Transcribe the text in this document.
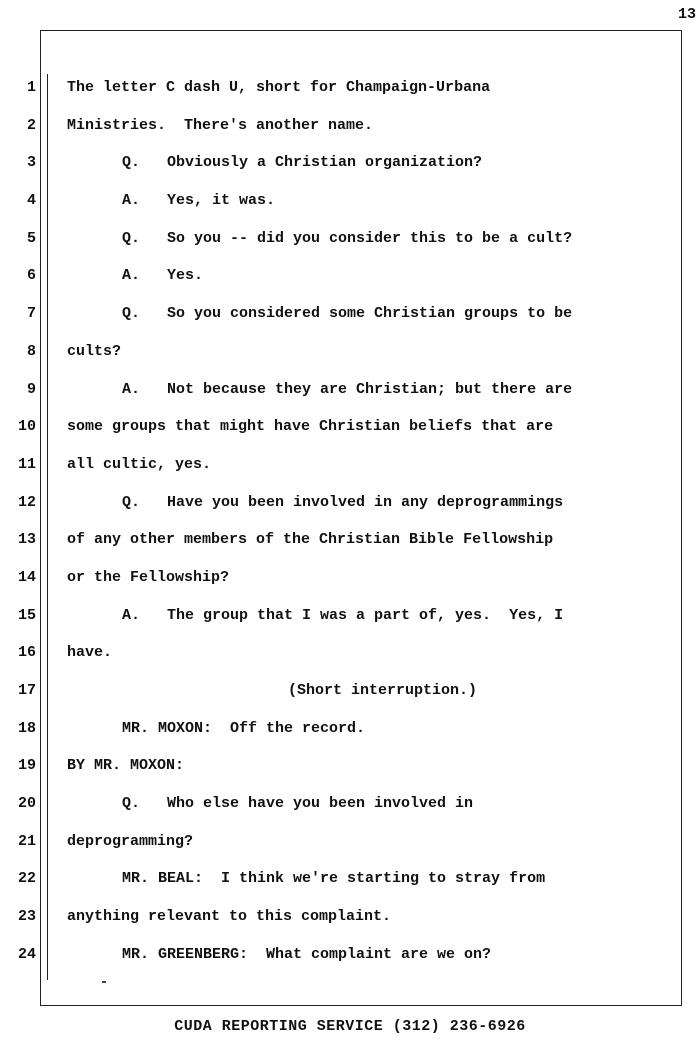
13
1 The letter C dash U, short for Champaign-Urbana
2 Ministries.  There's another name.
3	Q.   Obviously a Christian organization?
4	A.   Yes, it was.
5	Q.   So you -- did you consider this to be a cult?
6	A.   Yes.
7	Q.   So you considered some Christian groups to be
8 cults?
9	A.   Not because they are Christian; but there are
10 some groups that might have Christian beliefs that are
11 all cultic, yes.
12	Q.   Have you been involved in any deprogrammings
13 of any other members of the Christian Bible Fellowship
14 or the Fellowship?
15	A.   The group that I was a part of, yes.  Yes, I
16 have.
17	(Short interruption.)
18	MR. MOXON:  Off the record.
19 BY MR. MOXON:
20	Q.   Who else have you been involved in
21 deprogramming?
22	MR. BEAL:  I think we're starting to stray from
23 anything relevant to this complaint.
24	MR. GREENBERG:  What complaint are we on?
CUDA REPORTING SERVICE (312) 236-6926
